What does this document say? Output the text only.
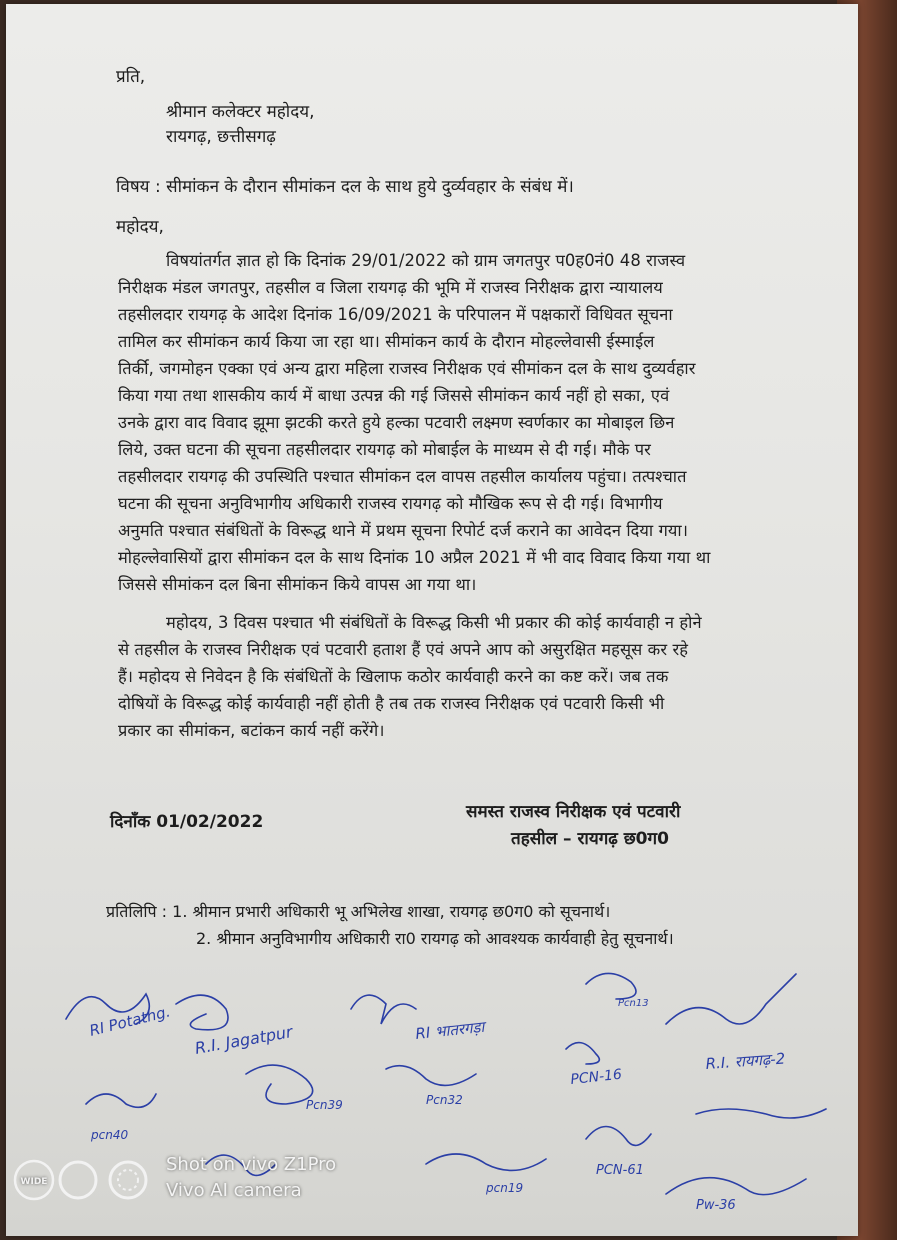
प्रति,
श्रीमान कलेक्टर महोदय,
रायगढ़, छत्तीसगढ़
विषय : सीमांकन के दौरान सीमांकन दल के साथ हुये दुर्व्यवहार के संबंध में।
महोदय,
विषयांतर्गत ज्ञात हो कि दिनांक 29/01/2022 को ग्राम जगतपुर प0ह0नं0 48 राजस्व
निरीक्षक मंडल जगतपुर, तहसील व जिला रायगढ़ की भूमि में राजस्व निरीक्षक द्वारा न्यायालय
तहसीलदार रायगढ़ के आदेश दिनांक 16/09/2021 के परिपालन में पक्षकारों विधिवत सूचना
तामिल कर सीमांकन कार्य किया जा रहा था। सीमांकन कार्य के दौरान मोहल्लेवासी ईस्माईल
तिर्की, जगमोहन एक्का एवं अन्य द्वारा महिला राजस्व निरीक्षक एवं सीमांकन दल के साथ दुव्यर्वहार
किया गया तथा शासकीय कार्य में बाधा उत्पन्न की गई जिससे सीमांकन कार्य नहीं हो सका, एवं
उनके द्वारा वाद विवाद झूमा झटकी करते हुये हल्का पटवारी लक्ष्मण स्वर्णकार का मोबाइल छिन
लिये, उक्त घटना की सूचना तहसीलदार रायगढ़ को मोबाईल के माध्यम से दी गई। मौके पर
तहसीलदार रायगढ़ की उपस्थिति पश्चात सीमांकन दल वापस तहसील कार्यालय पहुंचा। तत्पश्चात
घटना की सूचना अनुविभागीय अधिकारी राजस्व रायगढ़ को मौखिक रूप से दी गई। विभागीय
अनुमति पश्चात संबंधितों के विरूद्ध थाने में प्रथम सूचना रिपोर्ट दर्ज कराने का आवेदन दिया गया।
मोहल्लेवासियों द्वारा सीमांकन दल के साथ दिनांक 10 अप्रैल 2021 में भी वाद विवाद किया गया था
जिससे सीमांकन दल बिना सीमांकन किये वापस आ गया था।
महोदय, 3 दिवस पश्चात भी संबंधितों के विरूद्ध किसी भी प्रकार की कोई कार्यवाही न होने
से तहसील के राजस्व निरीक्षक एवं पटवारी हताश हैं एवं अपने आप को असुरक्षित महसूस कर रहे
हैं। महोदय से निवेदन है कि संबंधितों के खिलाफ कठोर कार्यवाही करने का कष्ट करें। जब तक
दोषियों के विरूद्ध कोई कार्यवाही नहीं होती है तब तक राजस्व निरीक्षक एवं पटवारी किसी भी
प्रकार का सीमांकन, बटांकन कार्य नहीं करेंगे।
दिनाँक 01/02/2022	समस्त राजस्व निरीक्षक एवं पटवारी
तहसील – रायगढ़ छ0ग0
प्रतिलिपि : 1. श्रीमान प्रभारी अधिकारी भू अभिलेख शाखा, रायगढ़ छ0ग0 को सूचनार्थ।
2. श्रीमान अनुविभागीय अधिकारी रा0 रायगढ़ को आवश्यक कार्यवाही हेतु सूचनार्थ।
RI Potathg.
R.I. Jagatpur	RI भातरगड़ा
Pcn13
R.I. रायगढ़-2
PCN-16
Pcn32
Pcn39
pcn40
PCN-61
pcn19
Pw-36
WIDE
Shot on vivo Z1Pro
Vivo AI camera
